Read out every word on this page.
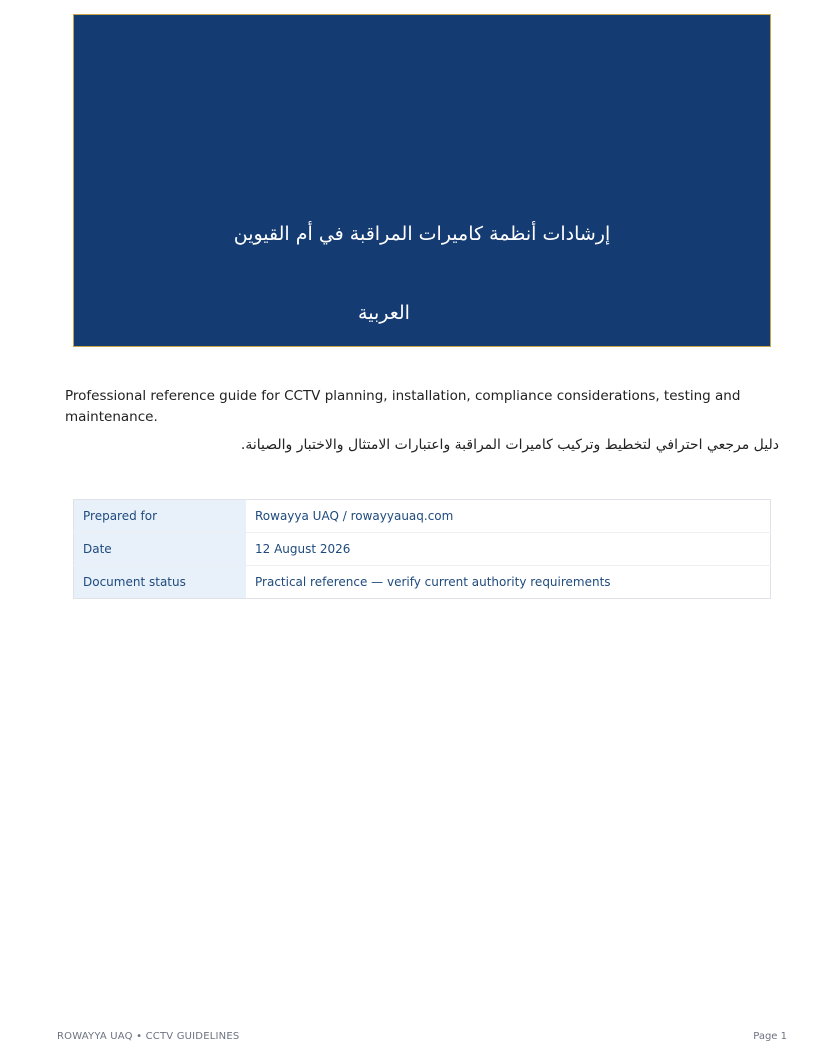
إرشادات أنظمة كاميرات المراقبة في أم القيوين
العربية
Professional reference guide for CCTV planning, installation, compliance considerations, testing and maintenance.
دليل مرجعي احترافي لتخطيط وتركيب كاميرات المراقبة واعتبارات الامتثال والاختبار والصيانة.
Prepared for	Rowayya UAQ / rowayyauaq.com
Date	12 August 2026
Document status	Practical reference — verify current authority requirements
ROWAYYA UAQ • CCTV GUIDELINES	Page 1
